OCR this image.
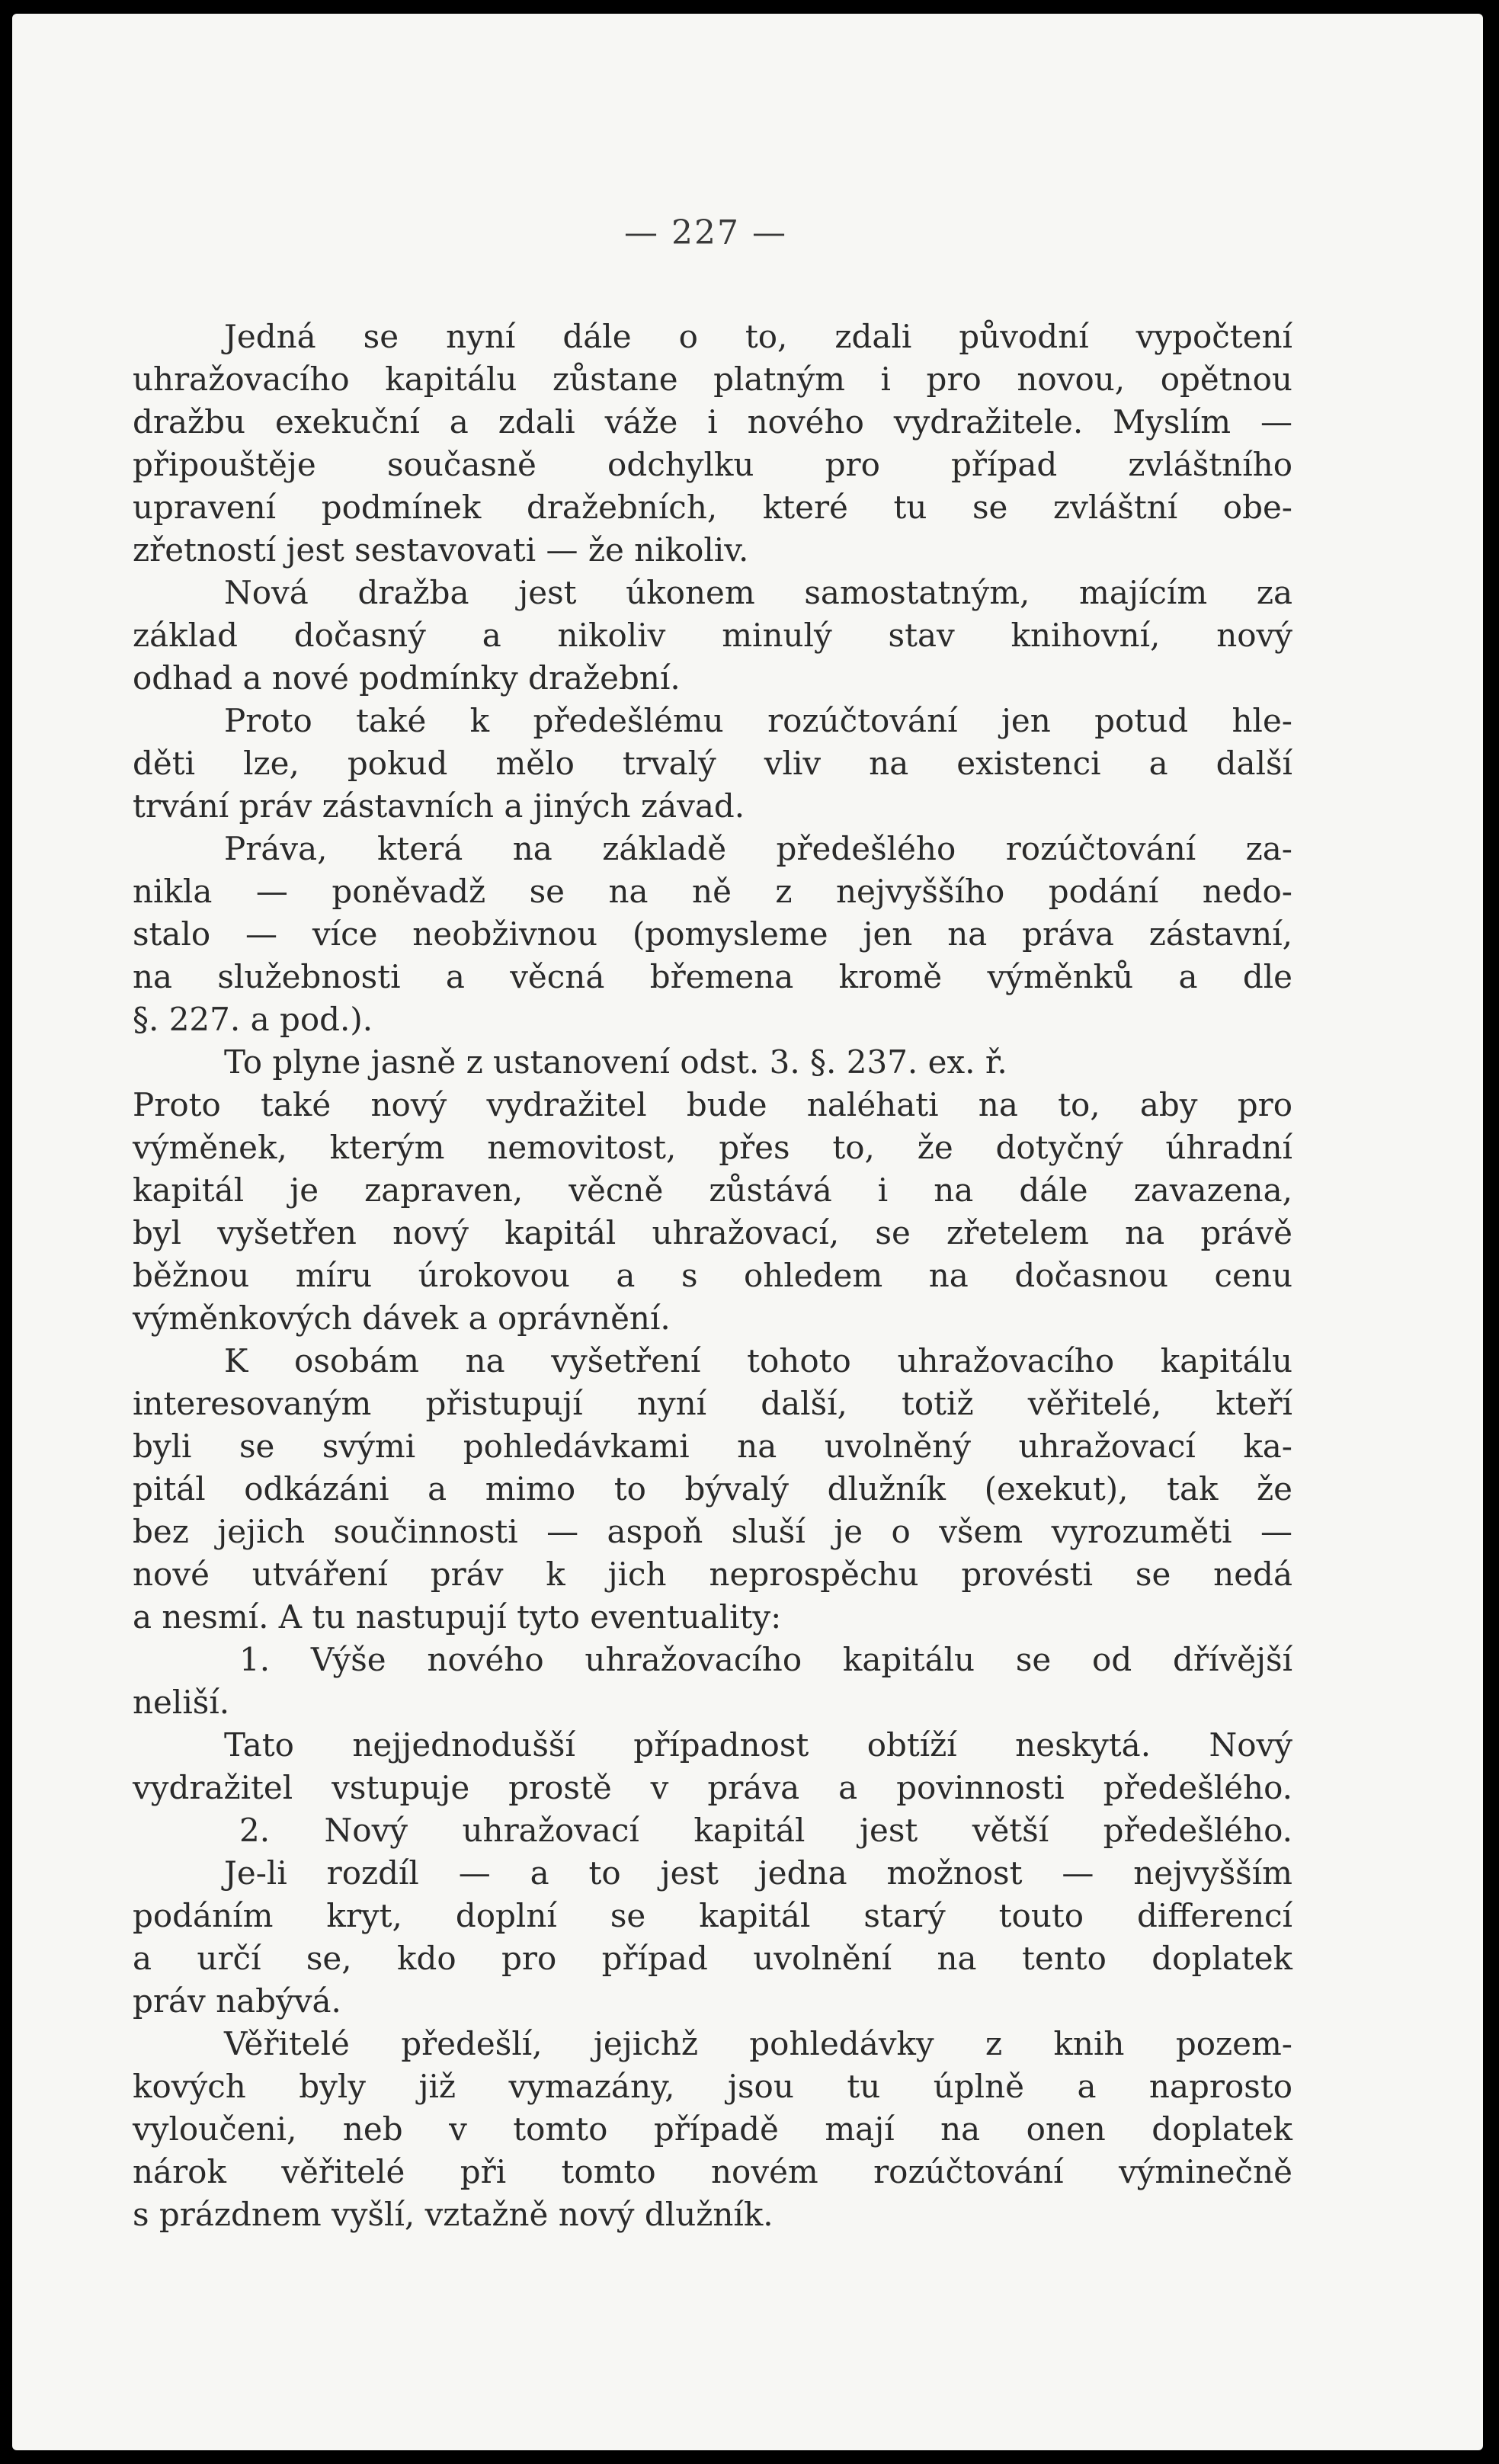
— 227 —
Jedná se nyní dále o to, zdali původní vypočtení
uhražovacího kapitálu zůstane platným i pro novou, opětnou
dražbu exekuční a zdali váže i nového vydražitele. Myslím —
připouštěje současně odchylku pro případ zvláštního
upravení podmínek dražebních, které tu se zvláštní obe-
zřetností jest sestavovati — že nikoliv.
Nová dražba jest úkonem samostatným, majícím za
základ dočasný a nikoliv minulý stav knihovní, nový
odhad a nové podmínky dražební.
Proto také k předešlému rozúčtování jen potud hle-
děti lze, pokud mělo trvalý vliv na existenci a další
trvání práv zástavních a jiných závad.
Práva, která na základě předešlého rozúčtování za-
nikla — poněvadž se na ně z nejvyššího podání nedo-
stalo — více neobživnou (pomysleme jen na práva zástavní,
na služebnosti a věcná břemena kromě výměnků a dle
§. 227. a pod.).
To plyne jasně z ustanovení odst. 3. §. 237. ex. ř.
Proto také nový vydražitel bude naléhati na to, aby pro
výměnek, kterým nemovitost, přes to, že dotyčný úhradní
kapitál je zapraven, věcně zůstává i na dále zavazena,
byl vyšetřen nový kapitál uhražovací, se zřetelem na právě
běžnou míru úrokovou a s ohledem na dočasnou cenu
výměnkových dávek a oprávnění.
K osobám na vyšetření tohoto uhražovacího kapitálu
interesovaným přistupují nyní další, totiž věřitelé, kteří
byli se svými pohledávkami na uvolněný uhražovací ka-
pitál odkázáni a mimo to bývalý dlužník (exekut), tak že
bez jejich součinnosti — aspoň sluší je o všem vyrozuměti —
nové utváření práv k jich neprospěchu provésti se nedá
a nesmí. A tu nastupují tyto eventuality:
1. Výše nového uhražovacího kapitálu se od dřívější
neliší.
Tato nejjednodušší případnost obtíží neskytá. Nový
vydražitel vstupuje prostě v práva a povinnosti předešlého.
2. Nový uhražovací kapitál jest větší předešlého.
Je-li rozdíl — a to jest jedna možnost — nejvyšším
podáním kryt, doplní se kapitál starý touto differencí
a určí se, kdo pro případ uvolnění na tento doplatek
práv nabývá.
Věřitelé předešlí, jejichž pohledávky z knih pozem-
kových byly již vymazány, jsou tu úplně a naprosto
vyloučeni, neb v tomto případě mají na onen doplatek
nárok věřitelé při tomto novém rozúčtování výminečně
s prázdnem vyšlí, vztažně nový dlužník.
